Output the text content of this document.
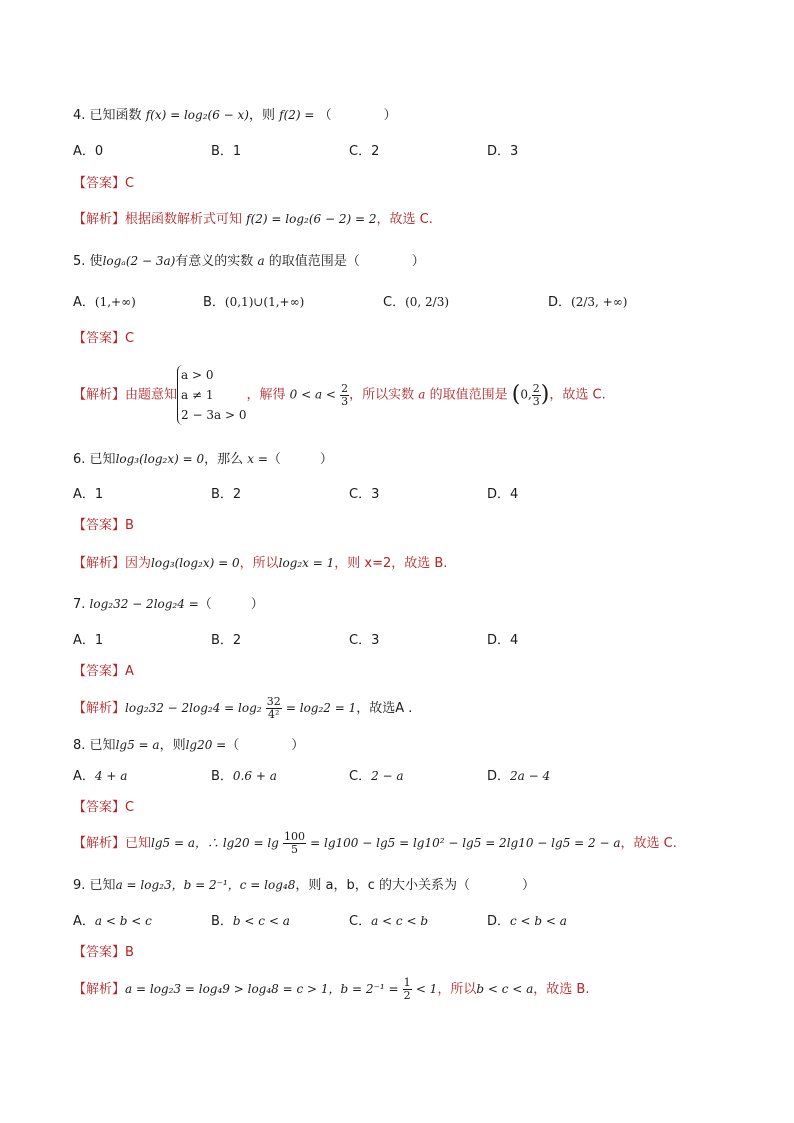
4. 已知函数 f(x) = log₂(6 − x)，则 f(2) = （　　　　）
A．0	B．1	C．2	D．3
【答案】C
【解析】根据函数解析式可知 f(2) = log₂(6 − 2) = 2，故选 C.
5. 使logₐ(2 − 3a)有意义的实数 a 的取值范围是（　　　　）
A．(1,+∞)	B．(0,1)∪(1,+∞)	C．(0, 2/3)	D．(2/3, +∞)
【答案】C
【解析】由题意知
a > 0
a ≠ 1
2 − 3a > 0
，解得 $0 < a < \frac{2}{3}$ ，所以实数 a 的取值范围是 (0, $\frac{2}{3}$ )，故选 C.
6. 已知log₃(log₂x) = 0，那么 x =（　　　）
A．1	B．2	C．3	D．4
【答案】B
【解析】因为log₃(log₂x) = 0，所以log₂x = 1，则 x=2，故选 B.
7. log₂32 − 2log₂4 =（　　　）
A．1	B．2	C．3	D．4
【答案】A
【解析】$\log_232 - 2\log_24 = \log_2 \frac{32}{\text{4²}} = \log_22 = 1$，故选A .
8. 已知lg5 = a，则lg20 =（　　　　）
A．4 + a	B．0.6 + a	C．2 − a	D．2a − 4
【答案】C
【解析】已知lg5 = a，∴ $\lg 20 = \lg \frac{100}{5} = \lg 100 - \lg 5 = \lg 10^2 - \lg 5 = 2\lg 10 - \lg 5 = 2 - a$，故选 C.
9. 已知a = log₂3，b = 2⁻¹，c = log₄8，则 a，b，c 的大小关系为（　　　　）
A．a < b < c	B．b < c < a	C．a < c < b	D．c < b < a
【答案】B
【解析】a = log₂3 = log₄9 > log₄8 = c > 1，$b = 2^{-1} = \frac{1}{2} < 1$，所以b < c < a，故选 B.
